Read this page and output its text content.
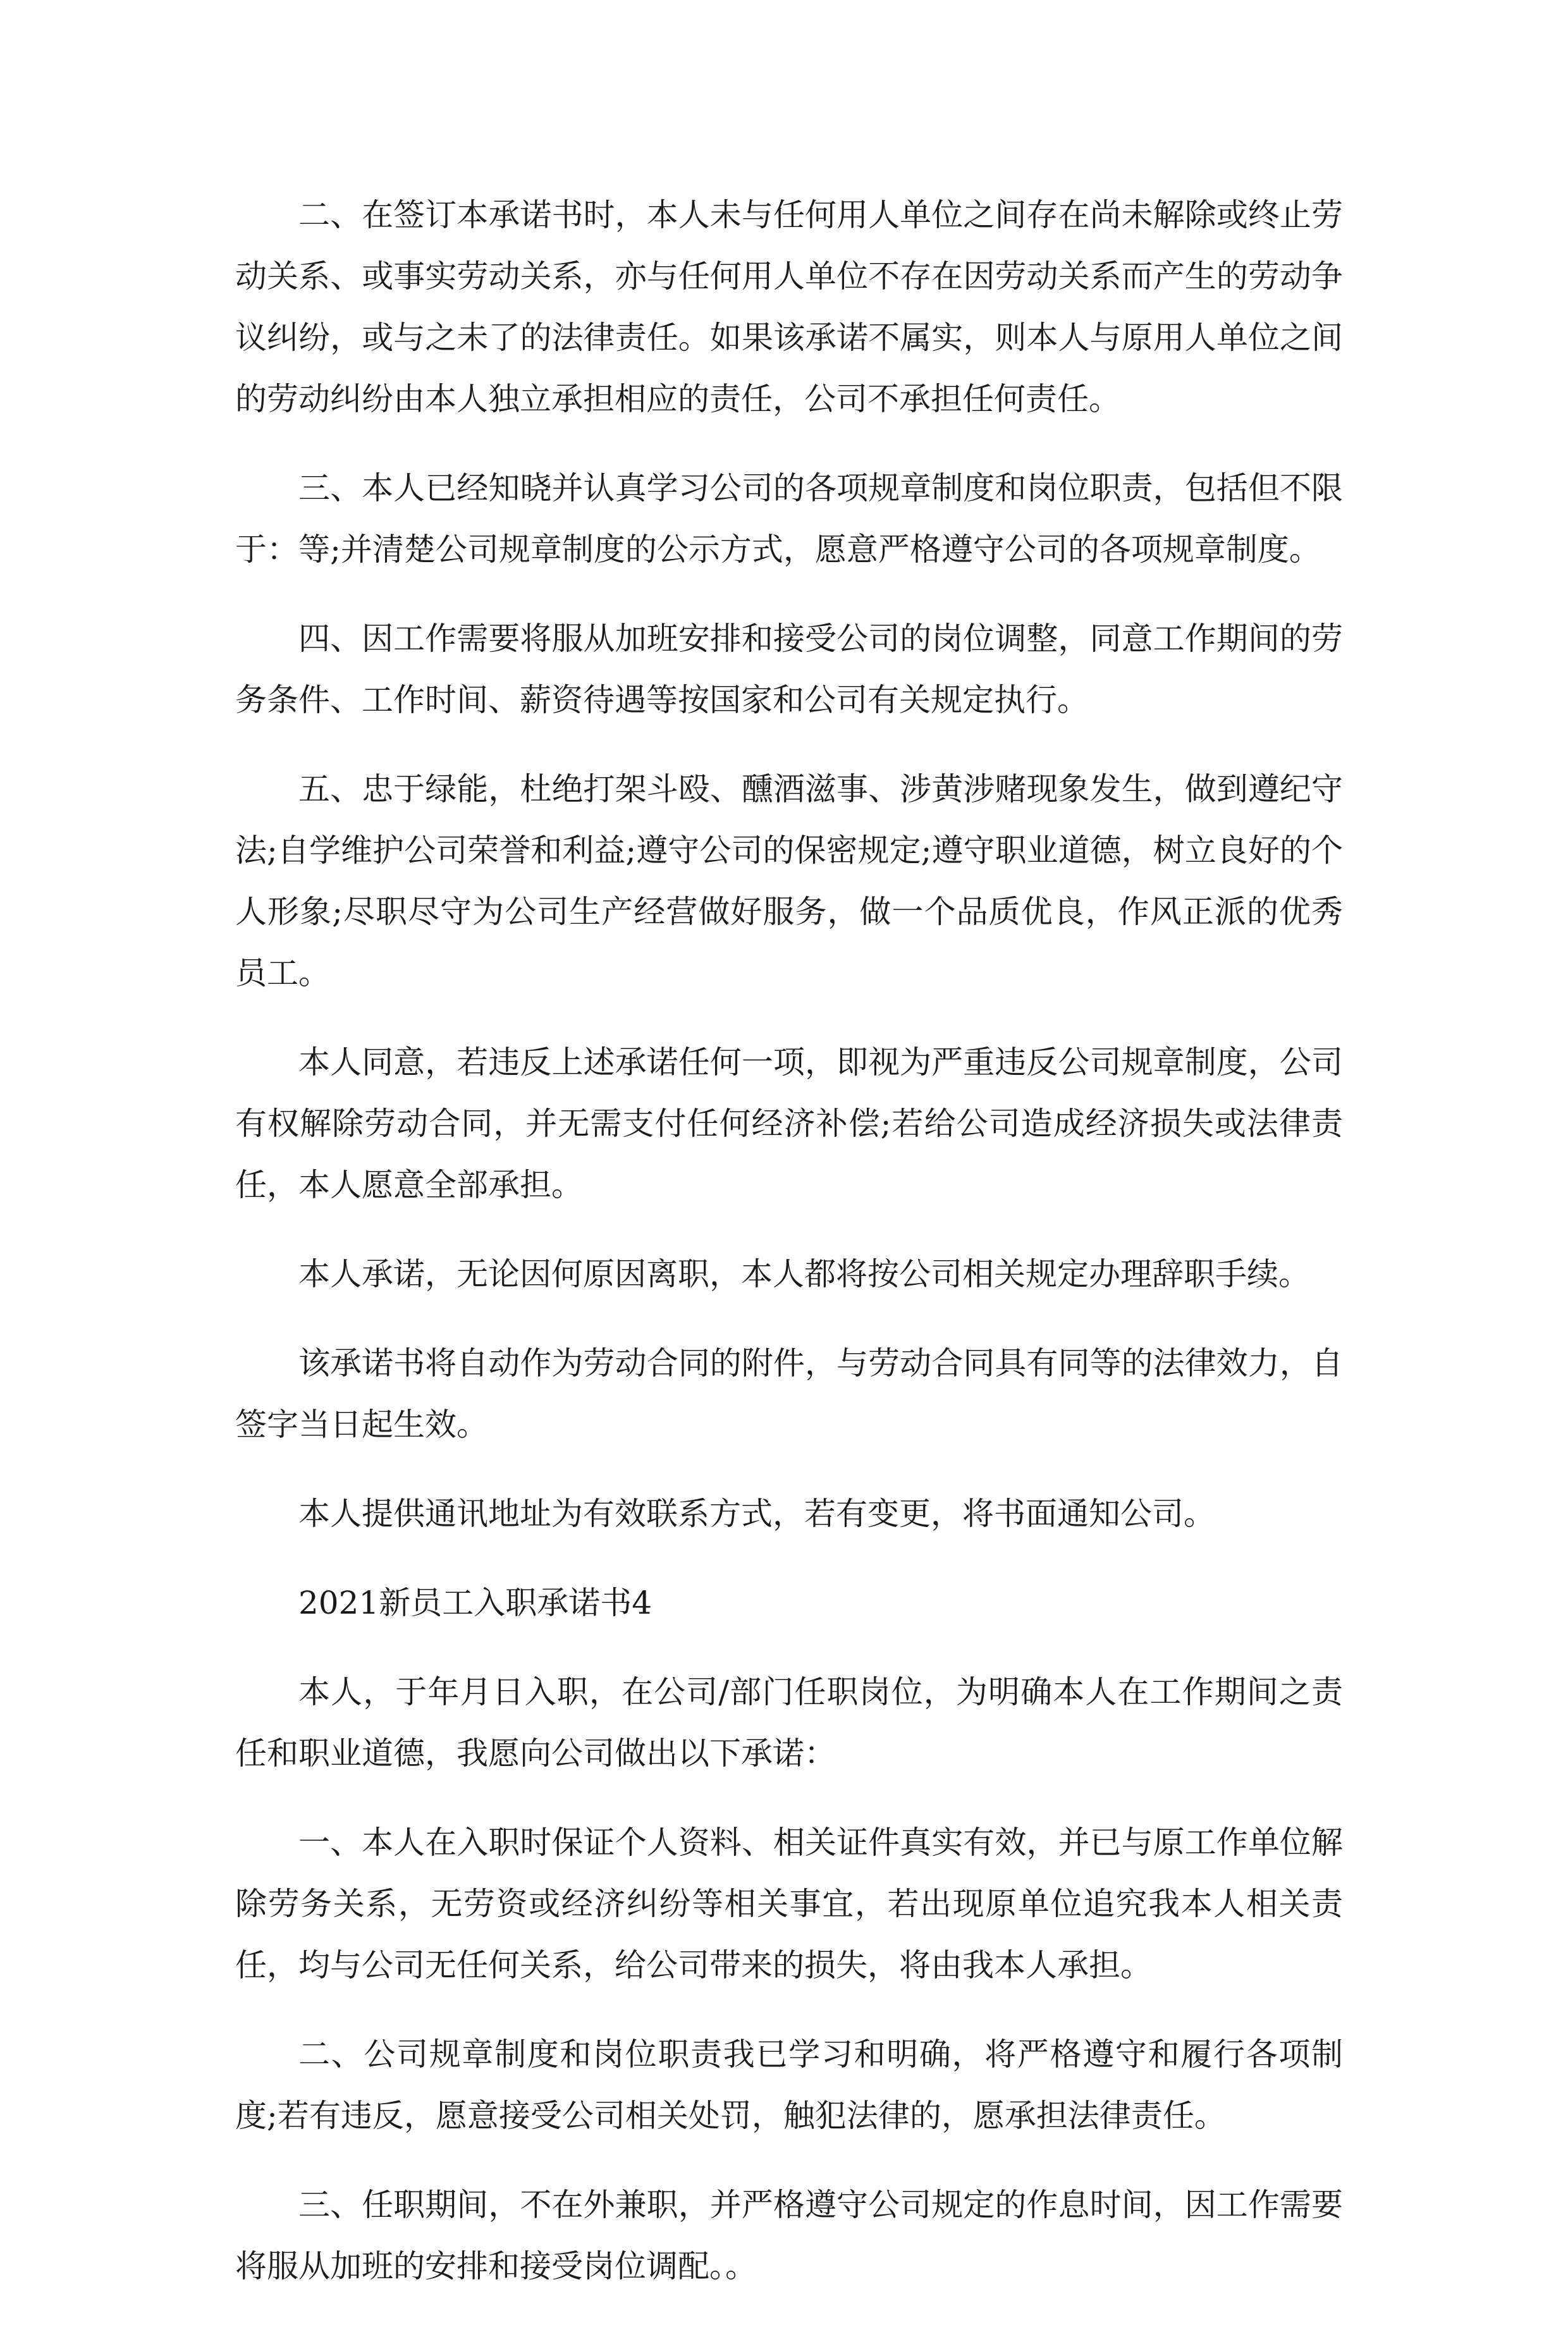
二、在签订本承诺书时，本人未与任何用人单位之间存在尚未解除或终止劳动关系、或事实劳动关系，亦与任何用人单位不存在因劳动关系而产生的劳动争议纠纷，或与之未了的法律责任。如果该承诺不属实，则本人与原用人单位之间的劳动纠纷由本人独立承担相应的责任，公司不承担任何责任。

三、本人已经知晓并认真学习公司的各项规章制度和岗位职责，包括但不限于：等;并清楚公司规章制度的公示方式，愿意严格遵守公司的各项规章制度。

四、因工作需要将服从加班安排和接受公司的岗位调整，同意工作期间的劳务条件、工作时间、薪资待遇等按国家和公司有关规定执行。

五、忠于绿能，杜绝打架斗殴、醺酒滋事、涉黄涉赌现象发生，做到遵纪守法;自学维护公司荣誉和利益;遵守公司的保密规定;遵守职业道德，树立良好的个人形象;尽职尽守为公司生产经营做好服务，做一个品质优良，作风正派的优秀员工。

本人同意，若违反上述承诺任何一项，即视为严重违反公司规章制度，公司有权解除劳动合同，并无需支付任何经济补偿;若给公司造成经济损失或法律责任，本人愿意全部承担。

本人承诺，无论因何原因离职，本人都将按公司相关规定办理辞职手续。

该承诺书将自动作为劳动合同的附件，与劳动合同具有同等的法律效力，自签字当日起生效。

本人提供通讯地址为有效联系方式，若有变更，将书面通知公司。

2021新员工入职承诺书4

本人，于年月日入职，在公司/部门任职岗位，为明确本人在工作期间之责任和职业道德，我愿向公司做出以下承诺：

一、本人在入职时保证个人资料、相关证件真实有效，并已与原工作单位解除劳务关系，无劳资或经济纠纷等相关事宜，若出现原单位追究我本人相关责任，均与公司无任何关系，给公司带来的损失，将由我本人承担。

二、公司规章制度和岗位职责我已学习和明确，将严格遵守和履行各项制度;若有违反，愿意接受公司相关处罚，触犯法律的，愿承担法律责任。

三、任职期间，不在外兼职，并严格遵守公司规定的作息时间，因工作需要将服从加班的安排和接受岗位调配。。
